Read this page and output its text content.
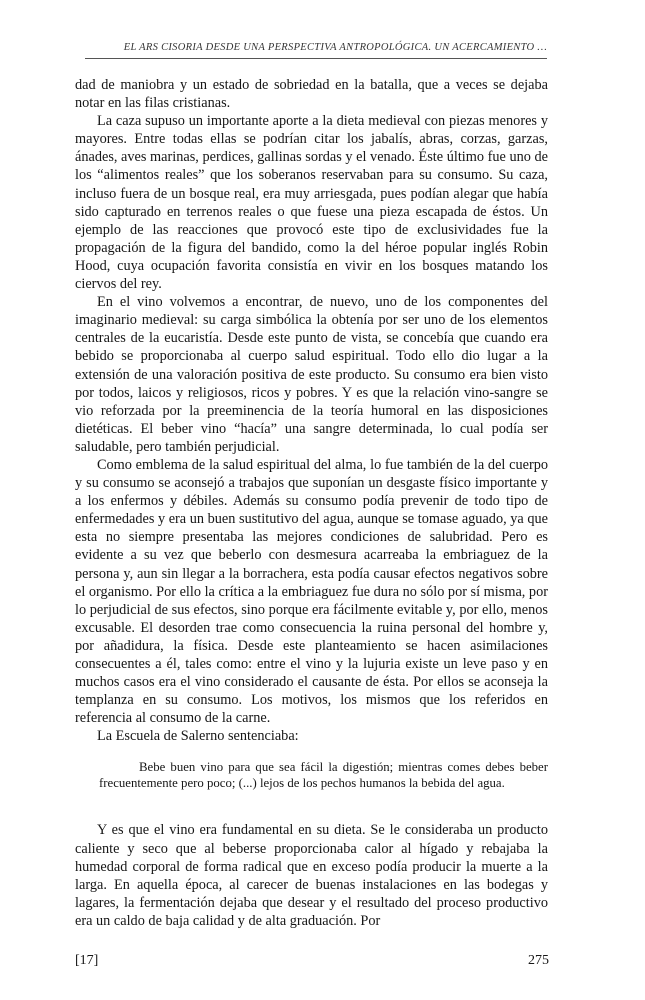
EL ARS CISORIA DESDE UNA PERSPECTIVA ANTROPOLÓGICA. UN ACERCAMIENTO …

dad de maniobra y un estado de sobriedad en la batalla, que a veces se dejaba notar en las filas cristianas.

La caza supuso un importante aporte a la dieta medieval con piezas menores y mayores. Entre todas ellas se podrían citar los jabalís, abras, corzas, garzas, ánades, aves marinas, perdices, gallinas sordas y el venado. Éste último fue uno de los “alimentos reales” que los soberanos reservaban para su consumo. Su caza, incluso fuera de un bosque real, era muy arriesgada, pues podían alegar que había sido capturado en terrenos reales o que fuese una pieza escapada de éstos. Un ejemplo de las reacciones que provocó este tipo de exclusividades fue la propagación de la figura del bandido, como la del héroe popular inglés Robin Hood, cuya ocupación favorita consistía en vivir en los bosques matando los ciervos del rey.

En el vino volvemos a encontrar, de nuevo, uno de los componentes del imaginario medieval: su carga simbólica la obtenía por ser uno de los elementos centrales de la eucaristía. Desde este punto de vista, se concebía que cuando era bebido se proporcionaba al cuerpo salud espiritual. Todo ello dio lugar a la extensión de una valoración positiva de este producto. Su consumo era bien visto por todos, laicos y religiosos, ricos y pobres. Y es que la relación vino-sangre se vio reforzada por la preeminencia de la teoría humoral en las disposiciones dietéticas. El beber vino “hacía” una sangre determinada, lo cual podía ser saludable, pero también perjudicial.

Como emblema de la salud espiritual del alma, lo fue también de la del cuerpo y su consumo se aconsejó a trabajos que suponían un desgaste físico importante y a los enfermos y débiles. Además su consumo podía prevenir de todo tipo de enfermedades y era un buen sustitutivo del agua, aunque se tomase aguado, ya que esta no siempre presentaba las mejores condiciones de salubridad. Pero es evidente a su vez que beberlo con desmesura acarreaba la embriaguez de la persona y, aun sin llegar a la borrachera, esta podía causar efectos negativos sobre el organismo. Por ello la crítica a la embriaguez fue dura no sólo por sí misma, por lo perjudicial de sus efectos, sino porque era fácilmente evitable y, por ello, menos excusable. El desorden trae como consecuencia la ruina personal del hombre y, por añadidura, la física. Desde este planteamiento se hacen asimilaciones consecuentes a él, tales como: entre el vino y la lujuria existe un leve paso y en muchos casos era el vino considerado el causante de ésta. Por ellos se aconseja la templanza en su consumo. Los motivos, los mismos que los referidos en referencia al consumo de la carne.

La Escuela de Salerno sentenciaba:

Bebe buen vino para que sea fácil la digestión; mientras comes debes beber frecuentemente pero poco; (...) lejos de los pechos humanos la bebida del agua.

Y es que el vino era fundamental en su dieta. Se le consideraba un producto caliente y seco que al beberse proporcionaba calor al hígado y rebajaba la humedad corporal de forma radical que en exceso podía producir la muerte a la larga. En aquella época, al carecer de buenas instalaciones en las bodegas y lagares, la fermentación dejaba que desear y el resultado del proceso productivo era un caldo de baja calidad y de alta graduación. Por

[17]	275
